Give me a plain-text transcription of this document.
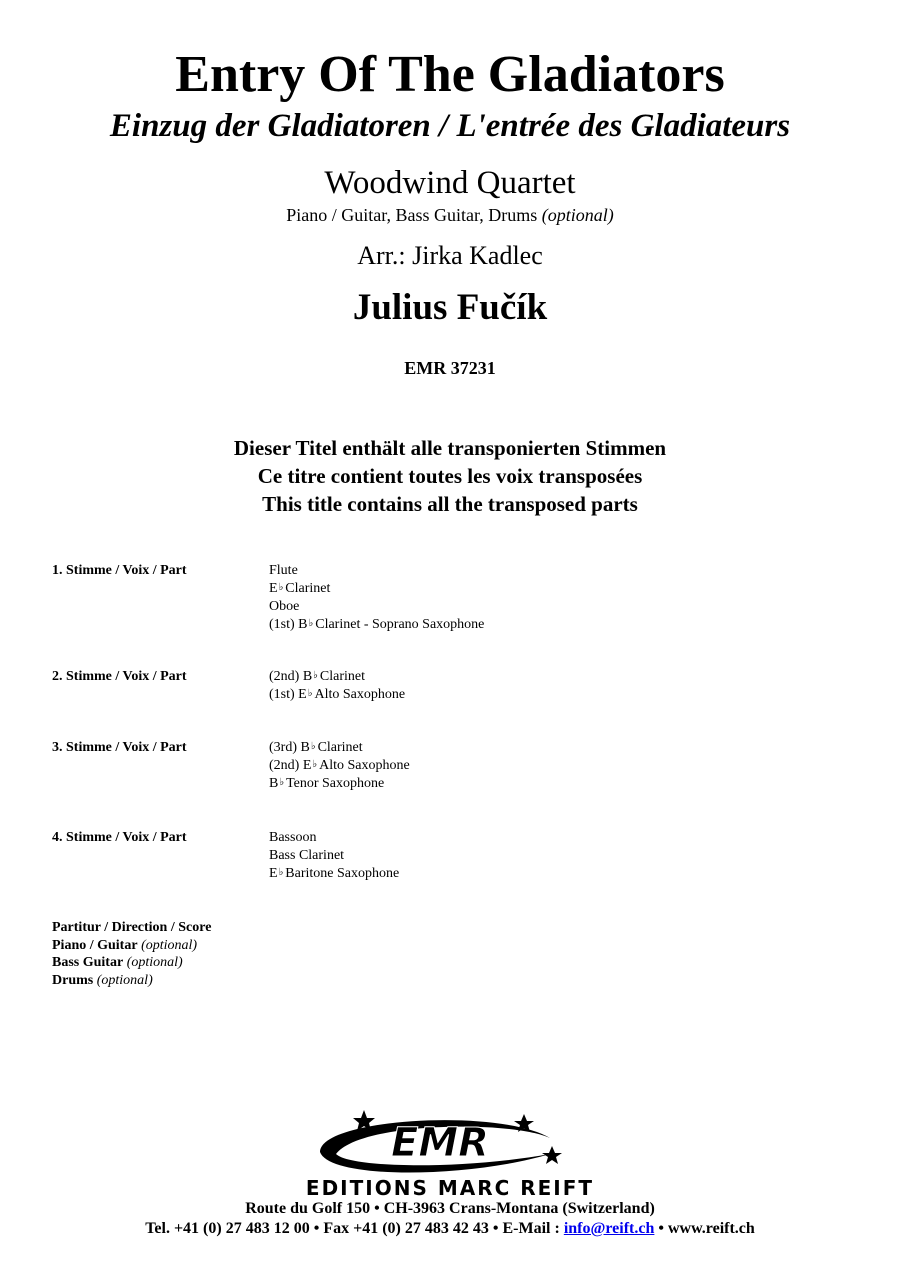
Entry Of The Gladiators
Einzug der Gladiatoren / L'entrée des Gladiateurs
Woodwind Quartet
Piano / Guitar, Bass Guitar, Drums (optional)
Arr.: Jirka Kadlec
Julius Fučík
EMR 37231
Dieser Titel enthält alle transponierten Stimmen
Ce titre contient toutes les voix transposées
This title contains all the transposed parts
1. Stimme / Voix / Part	Flute
E♭ Clarinet
Oboe
(1st) B♭ Clarinet - Soprano Saxophone
2. Stimme / Voix / Part	(2nd) B♭ Clarinet
(1st) E♭ Alto Saxophone
3. Stimme / Voix / Part	(3rd) B♭ Clarinet
(2nd) E♭ Alto Saxophone
B♭ Tenor Saxophone
4. Stimme / Voix / Part	Bassoon
Bass Clarinet
E♭ Baritone Saxophone
Partitur / Direction / Score
Piano / Guitar (optional)
Bass Guitar (optional)
Drums (optional)
EMR
EDITIONS MARC REIFT
Route du Golf 150 • CH-3963 Crans-Montana (Switzerland)
Tel. +41 (0) 27 483 12 00 • Fax +41 (0) 27 483 42 43 • E-Mail : info@reift.ch • www.reift.ch
